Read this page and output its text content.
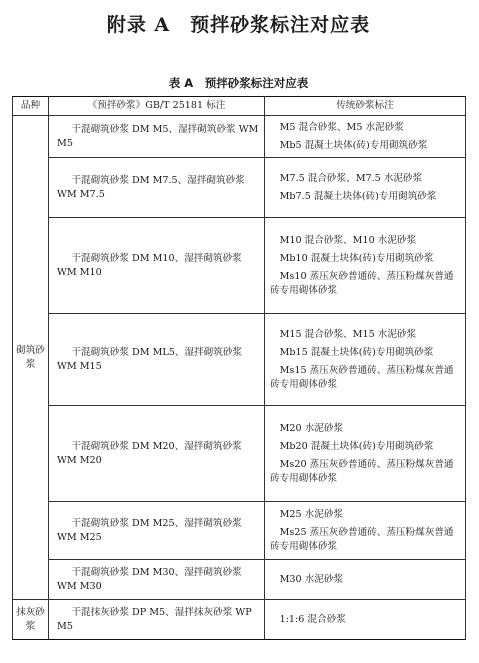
附录 A　预拌砂浆标注对应表
表 A　预拌砂浆标注对应表
品种	《预拌砂浆》GB/T 25181 标注	传统砂浆标注
砌筑砂浆	干混砌筑砂浆 DM M5、湿拌砌筑砂浆 WM M5	M5 混合砂浆、M5 水泥砂浆

Mb5 混凝土块体(砖)专用砌筑砂浆

	干混砌筑砂浆 DM M7.5、湿拌砌筑砂浆 WM M7.5	M7.5 混合砂浆、M7.5 水泥砂浆

Mb7.5 混凝土块体(砖)专用砌筑砂浆

	干混砌筑砂浆 DM M10、湿拌砌筑砂浆 WM M10	M10 混合砂浆、M10 水泥砂浆

Mb10 混凝土块体(砖)专用砌筑砂浆

Ms10 蒸压灰砂普通砖、蒸压粉煤灰普通砖专用砌体砂浆

	干混砌筑砂浆 DM ML5、湿拌砌筑砂浆 WM M15	M15 混合砂浆、M15 水泥砂浆

Mb15 混凝土块体(砖)专用砌筑砂浆

Ms15 蒸压灰砂普通砖、蒸压粉煤灰普通砖专用砌体砂浆

	干混砌筑砂浆 DM M20、湿拌砌筑砂浆 WM M20	M20 水泥砂浆

Mb20 混凝土块体(砖)专用砌筑砂浆

Ms20 蒸压灰砂普通砖、蒸压粉煤灰普通砖专用砌体砂浆

	干混砌筑砂浆 DM M25、湿拌砌筑砂浆 WM M25	M25 水泥砂浆

Ms25 蒸压灰砂普通砖、蒸压粉煤灰普通砖专用砌体砂浆

	干混砌筑砂浆 DM M30、湿拌砌筑砂浆 WM M30	M30 水泥砂浆

抹灰砂浆	干混抹灰砂浆 DP M5、湿拌抹灰砂浆 WP M5	1:1:6 混合砂浆
